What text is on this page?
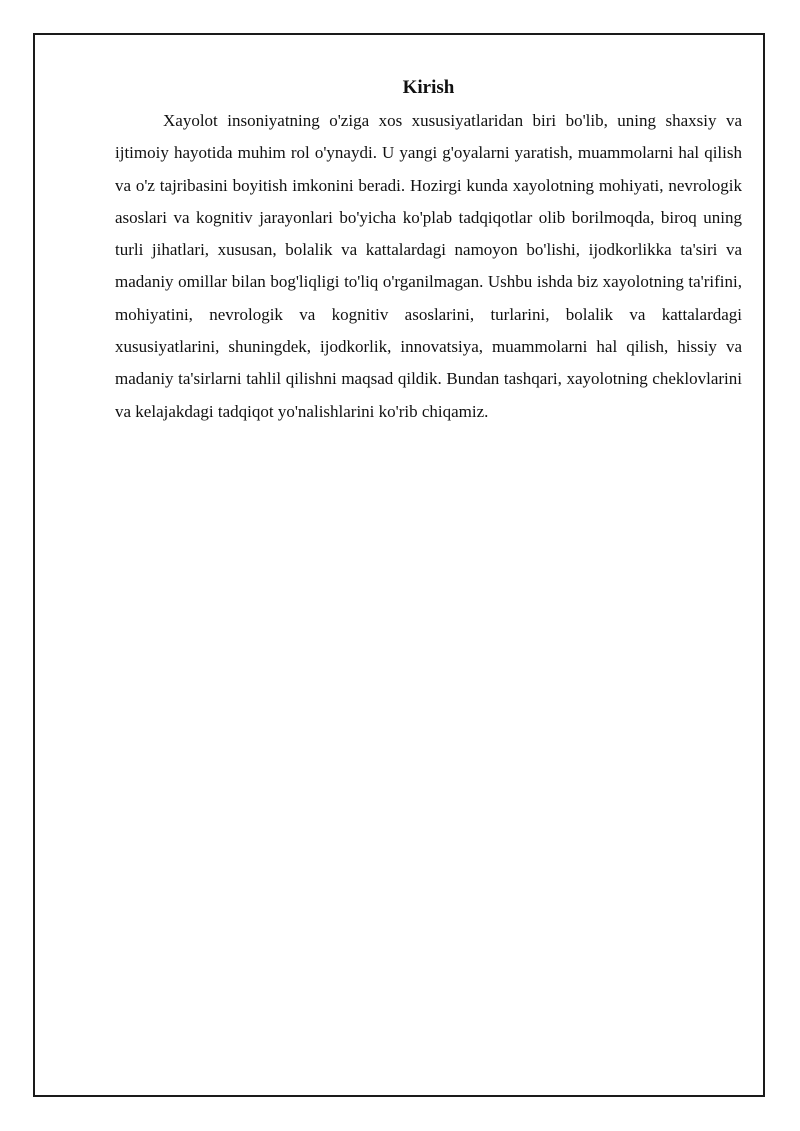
Kirish

Xayolot insoniyatning o'ziga xos xususiyatlaridan biri bo'lib, uning shaxsiy va ijtimoiy hayotida muhim rol o'ynaydi. U yangi g'oyalarni yaratish, muammolarni hal qilish va o'z tajribasini boyitish imkonini beradi. Hozirgi kunda xayolotning mohiyati, nevrologik asoslari va kognitiv jarayonlari bo'yicha ko'plab tadqiqotlar olib borilmoqda, biroq uning turli jihatlari, xususan, bolalik va kattalardagi namoyon bo'lishi, ijodkorlikka ta'siri va madaniy omillar bilan bog'liqligi to'liq o'rganilmagan. Ushbu ishda biz xayolotning ta'rifini, mohiyatini, nevrologik va kognitiv asoslarini, turlarini, bolalik va kattalardagi xususiyatlarini, shuningdek, ijodkorlik, innovatsiya, muammolarni hal qilish, hissiy va madaniy ta'sirlarni tahlil qilishni maqsad qildik. Bundan tashqari, xayolotning cheklovlarini va kelajakdagi tadqiqot yo'nalishlarini ko'rib chiqamiz.
